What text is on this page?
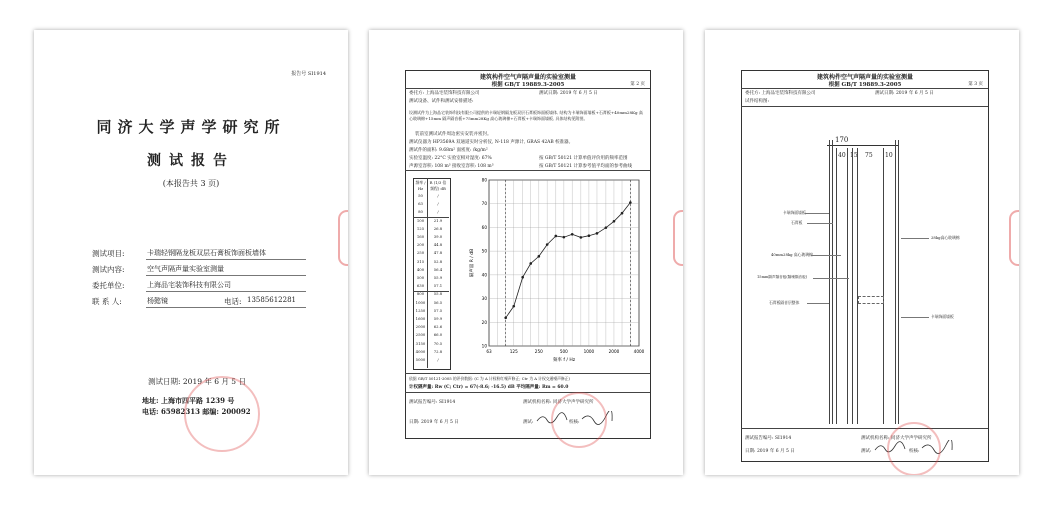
报告号 SI1914
同济大学声学研究所
测试报告
(本报告共 3 页)
测试项目:	卡瑞轻钢隔龙板双层石膏板饰面板墙体
测试内容:	空气声隔声量实验室测量
委托单位:	上海品宅装饰科技有限公司
联 系 人:	杨懿镜	电话: 13585612281
测试日期: 2019 年 6 月 5 日
地址: 上海市四平路 1239 号
电话: 65982313 邮编: 200092
建筑构件空气声隔声量的实验室测量
根据 GB/T 19889.3-2005	第 2 页
委托方: 上海品宅装饰科技有限公司	测试日期: 2019 年 6 月 5 日
测试设备、试件和测试安排描述:
设测试件为上海品宅装饰科技有限公司提供的卡瑞轻钢隔龙板双层石膏板饰面板墙体, 结构为卡瑞饰面墙板+石膏板+40mm28Kg 高心玻璃棉+15mm 隔声隔音板+75mm28Kg 高心玻璃棉+石膏板+卡瑞饰面墙板, 具体结构见附图。
装前室测试试件周边密实安装并密封。
测试仪器为 HP3569A 双通道实时分析仪, N-118 声源计, GRAS 42AB 校准器。
测试件的面积: 9.68m² 面密度: /kg/m²
实验室温度: 22°C 实验室相对湿度: 67%
声源室容积: 108 m³ 接收室容积: 108 m³
按 GB/T 50121 计算单值评价用的频率范围
按 GB/T 50121 计算参考值平均面的参考曲线
频率 / Hz
R (1/3 倍频程) dB
50	/
63	/
80	/
100	21.9
125	26.8
160	39.0
200	44.8
250	47.8
315	52.8
400	56.4
500	55.9
630	57.1
800	55.8
1000	56.5
1250	57.5
1600	59.9
2000	62.6
2500	66.0
3150	70.5
4000	72.8
5000	/
63	125	250	500	1000	2000	4000
10
20
30
40
50
60
70
80
频率 f / Hz
隔声量 R / dB
依据 GB/T 50121-2005 的评价数据: (C 为 A 计权粉红噪声修正; Ctr 为 A 计权交通噪声修正)
计权隔声量: Rw (C; Ctr) = 67(-8.6; -16.5) dB 平均隔声量: Rm = 60.0
测试报告编号: SI1914	测试机构名称: 同济大学声学研究所
日期: 2019 年 6 月 5 日	测试:	校核:
建筑构件空气声隔声量的实验室测量
根据 GB/T 19889.3-2005	第 3 页
委托方: 上海品宅装饰科技有限公司	测试日期: 2019 年 6 月 5 日
试件结构图:
170
40 15 75 10
卡瑞饰面墙板
石膏板
40mm28kg 高心玻璃棉
15mm隔声隔音板(隔噪隔音板)
石膏板隔音层整体
28kg高心玻璃棉
卡瑞饰面墙板
测试报告编号: SI1914	测试机构名称: 同济大学声学研究所
日期: 2019 年 6 月 5 日	测试:	校核:
